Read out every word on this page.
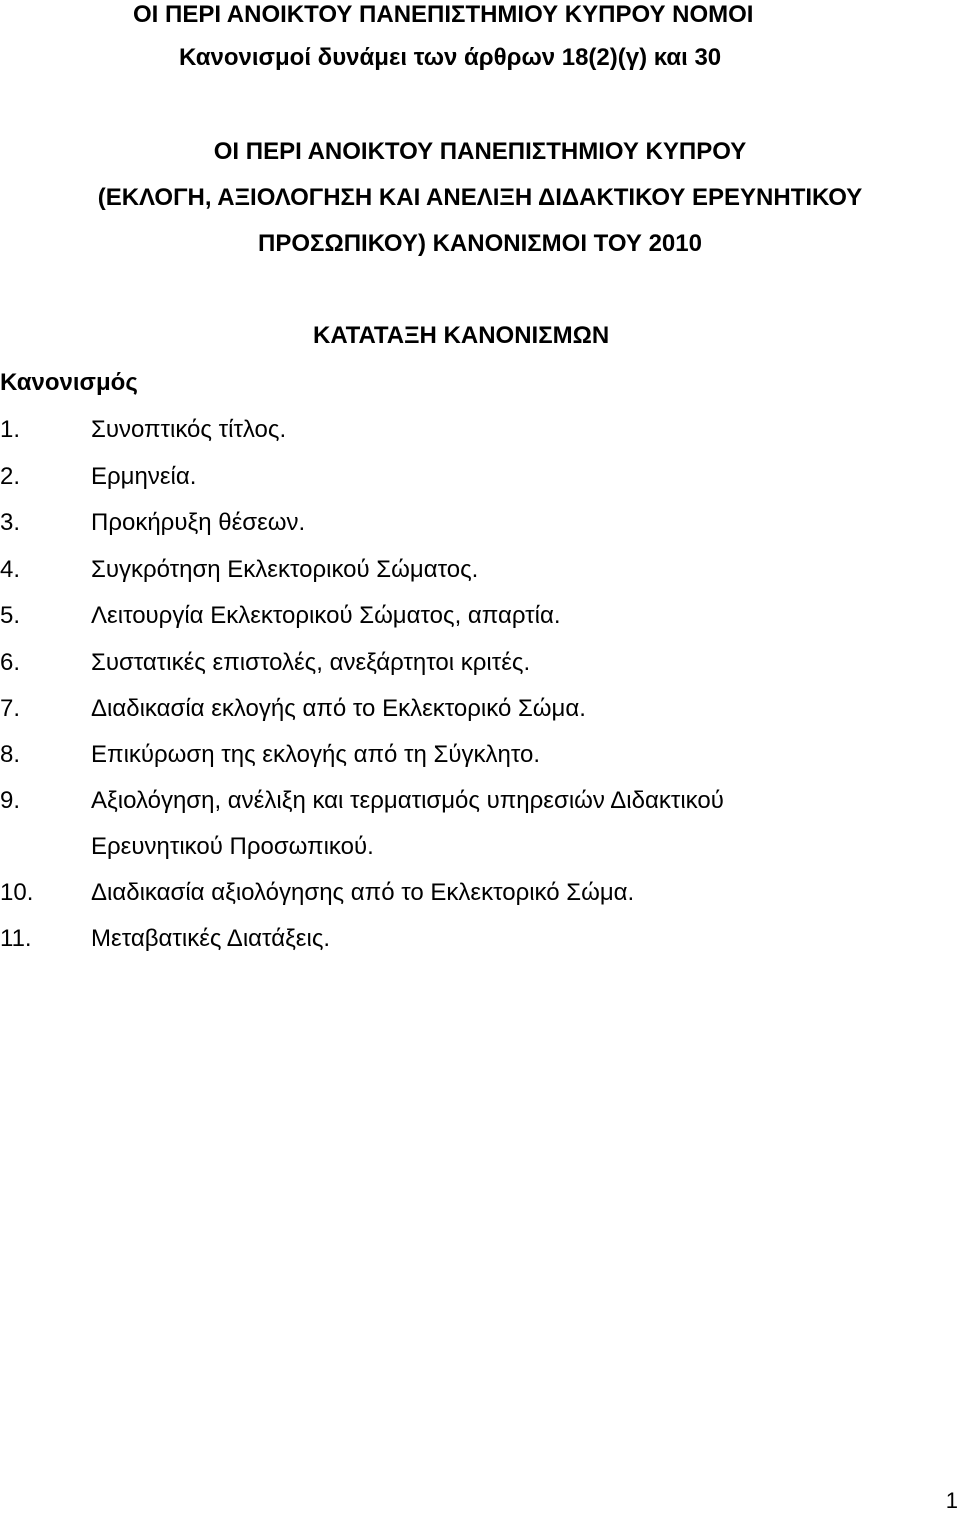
ΟΙ ΠΕΡΙ ΑΝΟΙΚΤΟΥ ΠΑΝΕΠΙΣΤΗΜΙΟΥ ΚΥΠΡΟΥ ΝΟΜΟΙ
Κανονισμοί δυνάμει των άρθρων 18(2)(γ) και 30
ΟΙ ΠΕΡΙ ΑΝΟΙΚΤΟΥ ΠΑΝΕΠΙΣΤΗΜΙΟΥ ΚΥΠΡΟΥ
(ΕΚΛΟΓΗ, ΑΞΙΟΛΟΓΗΣΗ ΚΑΙ ΑΝΕΛΙΞΗ ΔΙΔΑΚΤΙΚΟΥ ΕΡΕΥΝΗΤΙΚΟΥ
ΠΡΟΣΩΠΙΚΟΥ) ΚΑΝΟΝΙΣΜΟΙ ΤΟΥ 2010
ΚΑΤΑΤΑΞΗ ΚΑΝΟΝΙΣΜΩΝ
Κανονισμός
1.	Συνοπτικός τίτλος.
2.	Ερμηνεία.
3.	Προκήρυξη θέσεων.
4.	Συγκρότηση Εκλεκτορικού Σώματος.
5.	Λειτουργία Εκλεκτορικού Σώματος, απαρτία.
6.	Συστατικές επιστολές, ανεξάρτητοι κριτές.
7.	Διαδικασία εκλογής από το Εκλεκτορικό Σώμα.
8.	Επικύρωση της εκλογής από τη Σύγκλητο.
9.	Αξιολόγηση, ανέλιξη και τερματισμός υπηρεσιών Διδακτικού
Ερευνητικού Προσωπικού.
10. Διαδικασία αξιολόγησης από το Εκλεκτορικό Σώμα.
11. Μεταβατικές Διατάξεις.
1
